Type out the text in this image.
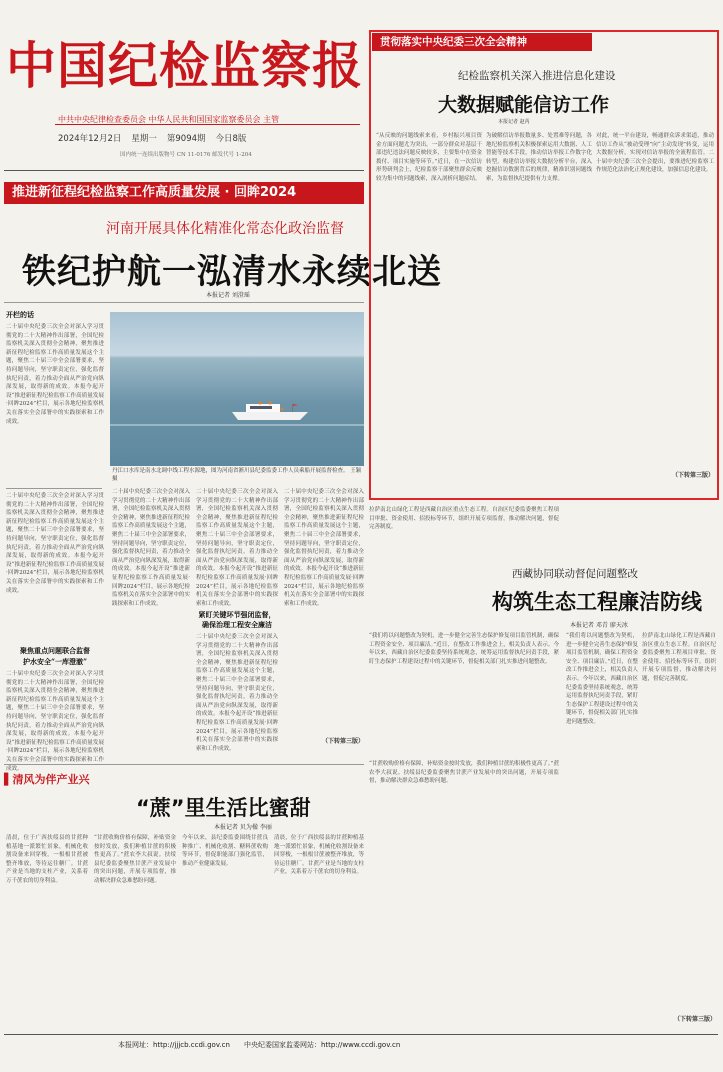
中国纪检监察报
中共中央纪律检查委员会 中华人民共和国国家监察委员会 主管
2024年12月2日 星期一 第9094期 今日8版
国内统一连续出版物号 CN 11-0176 邮发代号 1-204
推进新征程纪检监察工作高质量发展 · 回眸2024
河南开展具体化精准化常态化政治监督
铁纪护航一泓清水永续北送
本报记者 刘澄瑶
开栏的话
二十届中央纪委三次全会对深入学习贯彻党的二十大精神作出部署，全国纪检监察机关深入贯彻全会精神，聚焦推进新征程纪检监察工作高质量发展这个主题，聚焦二十届三中全会部署要求，坚持问题导向，坚守职责定位，强化监督执纪问责，着力推动全面从严治党向纵深发展，取得新的成效。本报今起开设“推进新征程纪检监察工作高质量发展·回眸2024”栏目，展示各地纪检监察机关在落实全会部署中的实践探索和工作成效。
丹江口水库是南水北调中线工程水源地，图为河南省淅川县纪委监委工作人员乘船开展监督检查。 王颖 摄
二十届中央纪委三次全会对深入学习贯彻党的二十大精神作出部署，全国纪检监察机关深入贯彻全会精神，聚焦推进新征程纪检监察工作高质量发展这个主题，聚焦二十届三中全会部署要求，坚持问题导向，坚守职责定位，强化监督执纪问责，着力推动全面从严治党向纵深发展，取得新的成效。本报今起开设“推进新征程纪检监察工作高质量发展·回眸2024”栏目，展示各地纪检监察机关在落实全会部署中的实践探索和工作成效。
聚焦重点问题联合监督
护水安全“一库澄澈”
二十届中央纪委三次全会对深入学习贯彻党的二十大精神作出部署，全国纪检监察机关深入贯彻全会精神，聚焦推进新征程纪检监察工作高质量发展这个主题，聚焦二十届三中全会部署要求，坚持问题导向，坚守职责定位，强化监督执纪问责，着力推动全面从严治党向纵深发展，取得新的成效。本报今起开设“推进新征程纪检监察工作高质量发展·回眸2024”栏目，展示各地纪检监察机关在落实全会部署中的实践探索和工作成效。
二十届中央纪委三次全会对深入学习贯彻党的二十大精神作出部署，全国纪检监察机关深入贯彻全会精神，聚焦推进新征程纪检监察工作高质量发展这个主题，聚焦二十届三中全会部署要求，坚持问题导向，坚守职责定位，强化监督执纪问责，着力推动全面从严治党向纵深发展，取得新的成效。本报今起开设“推进新征程纪检监察工作高质量发展·回眸2024”栏目，展示各地纪检监察机关在落实全会部署中的实践探索和工作成效。
二十届中央纪委三次全会对深入学习贯彻党的二十大精神作出部署，全国纪检监察机关深入贯彻全会精神，聚焦推进新征程纪检监察工作高质量发展这个主题，聚焦二十届三中全会部署要求，坚持问题导向，坚守职责定位，强化监督执纪问责，着力推动全面从严治党向纵深发展，取得新的成效。本报今起开设“推进新征程纪检监察工作高质量发展·回眸2024”栏目，展示各地纪检监察机关在落实全会部署中的实践探索和工作成效。
紧盯关键环节强闭监督，确保治理工程安全廉洁
二十届中央纪委三次全会对深入学习贯彻党的二十大精神作出部署，全国纪检监察机关深入贯彻全会精神，聚焦推进新征程纪检监察工作高质量发展这个主题，聚焦二十届三中全会部署要求，坚持问题导向，坚守职责定位，强化监督执纪问责，着力推动全面从严治党向纵深发展，取得新的成效。本报今起开设“推进新征程纪检监察工作高质量发展·回眸2024”栏目，展示各地纪检监察机关在落实全会部署中的实践探索和工作成效。
二十届中央纪委三次全会对深入学习贯彻党的二十大精神作出部署，全国纪检监察机关深入贯彻全会精神，聚焦推进新征程纪检监察工作高质量发展这个主题，聚焦二十届三中全会部署要求，坚持问题导向，坚守职责定位，强化监督执纪问责，着力推动全面从严治党向纵深发展，取得新的成效。本报今起开设“推进新征程纪检监察工作高质量发展·回眸2024”栏目，展示各地纪检监察机关在落实全会部署中的实践探索和工作成效。
（下转第三版）
贯彻落实中央纪委三次全会精神
纪检监察机关深入推进信息化建设
大数据赋能信访工作
本报记者 赵芮
“从反映的问题线索来看，乡村振兴项目资金方面问题尤为突出。一部分群众对基层干部违纪违法问题反映较多，主要集中在资金拨付、项目实施等环节。”近日，在一次信访形势研判会上，纪检监察干部聚焦群众反映较为集中的问题线索，深入剖析问题症结。
为破解信访举报数量多、处置难等问题，各地纪检监察机关积极探索运用大数据、人工智能等技术手段，推动信访举报工作数字化转型，构建信访举报大数据分析平台，深入挖掘信访数据背后的规律，精准识别问题线索，为监督执纪提供有力支撑。
对此，统一平台建设，畅通群众诉求渠道，推动信访工作从“被动受理”向“主动发现”转变，运用大数据分析，实现对信访举报的全流程监管。二十届中央纪委三次全会提出，要推进纪检监察工作规范化法治化正规化建设，加强信息化建设。
（下转第三版）
西藏协同联动督促问题整改
构筑生态工程廉洁防线
本报记者 邓青 廖天冰
“我们将以问题整改为契机，进一步健全完善生态保护修复项目监管机制，确保工程资金安全、项目廉洁。”近日，在整改工作推进会上，相关负责人表示。今年以来，西藏自治区纪委监委坚持系统观念，统筹运用监督执纪问责手段，紧盯生态保护工程建设过程中的关键环节，督促相关部门扎实推进问题整改。
拉萨南北山绿化工程是西藏自治区重点生态工程。自治区纪委监委聚焦工程项目审批、资金使用、招投标等环节，组织开展专项监督，推动解决问题，督促完善制度。
（下转第三版）
“我们将以问题整改为契机，进一步健全完善生态保护修复项目监管机制，确保工程资金安全、项目廉洁。”近日，在整改工作推进会上，相关负责人表示。今年以来，西藏自治区纪委监委坚持系统观念，统筹运用监督执纪问责手段，紧盯生态保护工程建设过程中的关键环节，督促相关部门扎实推进问题整改。
拉萨南北山绿化工程是西藏自治区重点生态工程。自治区纪委监委聚焦工程项目审批、资金使用、招投标等环节，组织开展专项监督，推动解决问题，督促完善制度。
▌清风为伴产业兴
“蔗”里生活比蜜甜
本报记者 贝为楹 李丽
清晨，位于广西扶绥县的甘蔗种植基地一派繁忙景象，机械化收割设备来回穿梭，一根根甘蔗被整齐堆放，等待运往糖厂。甘蔗产业是当地的支柱产业，关系着万千蔗农的切身利益。
“甘蔗收购价格有保障，补贴资金按时发放，我们种植甘蔗的积极性更高了。”蔗农李大叔说。扶绥县纪委监委聚焦甘蔗产业发展中的突出问题，开展专项监督，推动解决群众急难愁盼问题。
今年以来，县纪委监委围绕甘蔗良种推广、机械化收割、糖料蔗收购等环节，督促职能部门强化监管，推动产业健康发展。
清晨，位于广西扶绥县的甘蔗种植基地一派繁忙景象，机械化收割设备来回穿梭，一根根甘蔗被整齐堆放，等待运往糖厂。甘蔗产业是当地的支柱产业，关系着万千蔗农的切身利益。
“甘蔗收购价格有保障，补贴资金按时发放，我们种植甘蔗的积极性更高了。”蔗农李大叔说。扶绥县纪委监委聚焦甘蔗产业发展中的突出问题，开展专项监督，推动解决群众急难愁盼问题。
本报网址：http://jjjcb.ccdi.gov.cn 中央纪委国家监委网站：http://www.ccdi.gov.cn
